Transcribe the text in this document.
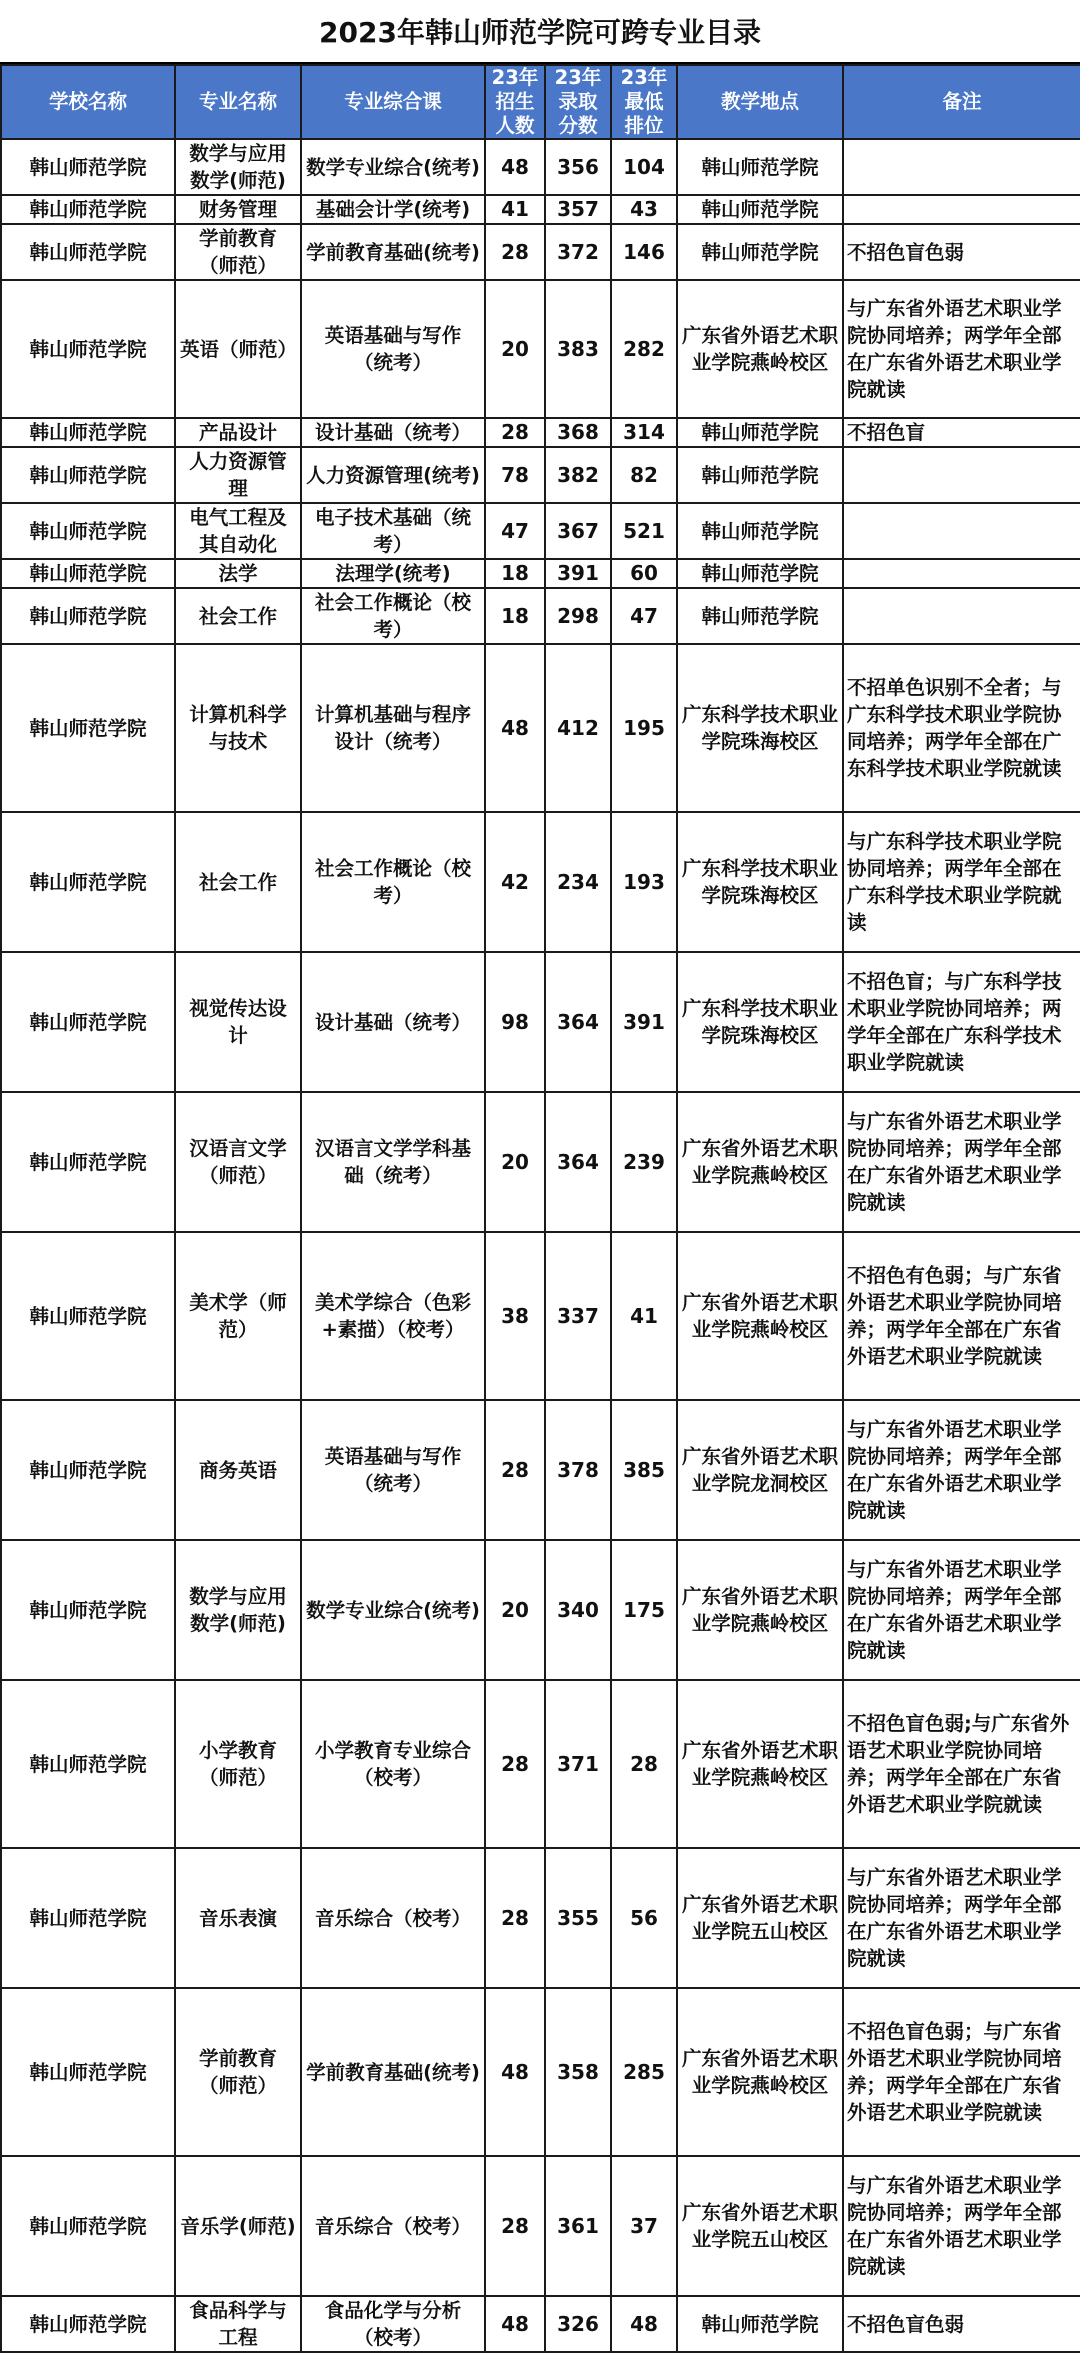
2023年韩山师范学院可跨专业目录
学校名称	专业名称	专业综合课	23年 招生人数	23年 录取分数	23年 最低排位	教学地点	备注
韩山师范学院	数学与应用数学(师范)	数学专业综合(统考)	48	356	104	韩山师范学院	
韩山师范学院	财务管理	基础会计学(统考)	41	357	43	韩山师范学院	
韩山师范学院	学前教育（师范）	学前教育基础(统考)	28	372	146	韩山师范学院	不招色盲色弱
韩山师范学院	英语（师范）	英语基础与写作（统考）	20	383	282	广东省外语艺术职业学院燕岭校区	与广东省外语艺术职业学院协同培养；两学年全部在广东省外语艺术职业学院就读
韩山师范学院	产品设计	设计基础（统考）	28	368	314	韩山师范学院	不招色盲
韩山师范学院	人力资源管理	人力资源管理(统考)	78	382	82	韩山师范学院	
韩山师范学院	电气工程及其自动化	电子技术基础（统考）	47	367	521	韩山师范学院	
韩山师范学院	法学	法理学(统考)	18	391	60	韩山师范学院	
韩山师范学院	社会工作	社会工作概论（校考）	18	298	47	韩山师范学院	
韩山师范学院	计算机科学与技术	计算机基础与程序设计（统考）	48	412	195	广东科学技术职业学院珠海校区	不招单色识别不全者；与广东科学技术职业学院协同培养；两学年全部在广东科学技术职业学院就读
韩山师范学院	社会工作	社会工作概论（校考）	42	234	193	广东科学技术职业学院珠海校区	与广东科学技术职业学院协同培养；两学年全部在广东科学技术职业学院就读
韩山师范学院	视觉传达设计	设计基础（统考）	98	364	391	广东科学技术职业学院珠海校区	不招色盲；与广东科学技术职业学院协同培养；两学年全部在广东科学技术职业学院就读
韩山师范学院	汉语言文学（师范）	汉语言文学学科基础（统考）	20	364	239	广东省外语艺术职业学院燕岭校区	与广东省外语艺术职业学院协同培养；两学年全部在广东省外语艺术职业学院就读
韩山师范学院	美术学（师范）	美术学综合（色彩+素描）（校考）	38	337	41	广东省外语艺术职业学院燕岭校区	不招色有色弱；与广东省外语艺术职业学院协同培养；两学年全部在广东省外语艺术职业学院就读
韩山师范学院	商务英语	英语基础与写作（统考）	28	378	385	广东省外语艺术职业学院龙洞校区	与广东省外语艺术职业学院协同培养；两学年全部在广东省外语艺术职业学院就读
韩山师范学院	数学与应用数学(师范)	数学专业综合(统考)	20	340	175	广东省外语艺术职业学院燕岭校区	与广东省外语艺术职业学院协同培养；两学年全部在广东省外语艺术职业学院就读
韩山师范学院	小学教育（师范）	小学教育专业综合（校考）	28	371	28	广东省外语艺术职业学院燕岭校区	不招色盲色弱;与广东省外语艺术职业学院协同培养；两学年全部在广东省外语艺术职业学院就读
韩山师范学院	音乐表演	音乐综合（校考）	28	355	56	广东省外语艺术职业学院五山校区	与广东省外语艺术职业学院协同培养；两学年全部在广东省外语艺术职业学院就读
韩山师范学院	学前教育（师范）	学前教育基础(统考)	48	358	285	广东省外语艺术职业学院燕岭校区	不招色盲色弱；与广东省外语艺术职业学院协同培养；两学年全部在广东省外语艺术职业学院就读
韩山师范学院	音乐学(师范)	音乐综合（校考）	28	361	37	广东省外语艺术职业学院五山校区	与广东省外语艺术职业学院协同培养；两学年全部在广东省外语艺术职业学院就读
韩山师范学院	食品科学与工程	食品化学与分析（校考）	48	326	48	韩山师范学院	不招色盲色弱
